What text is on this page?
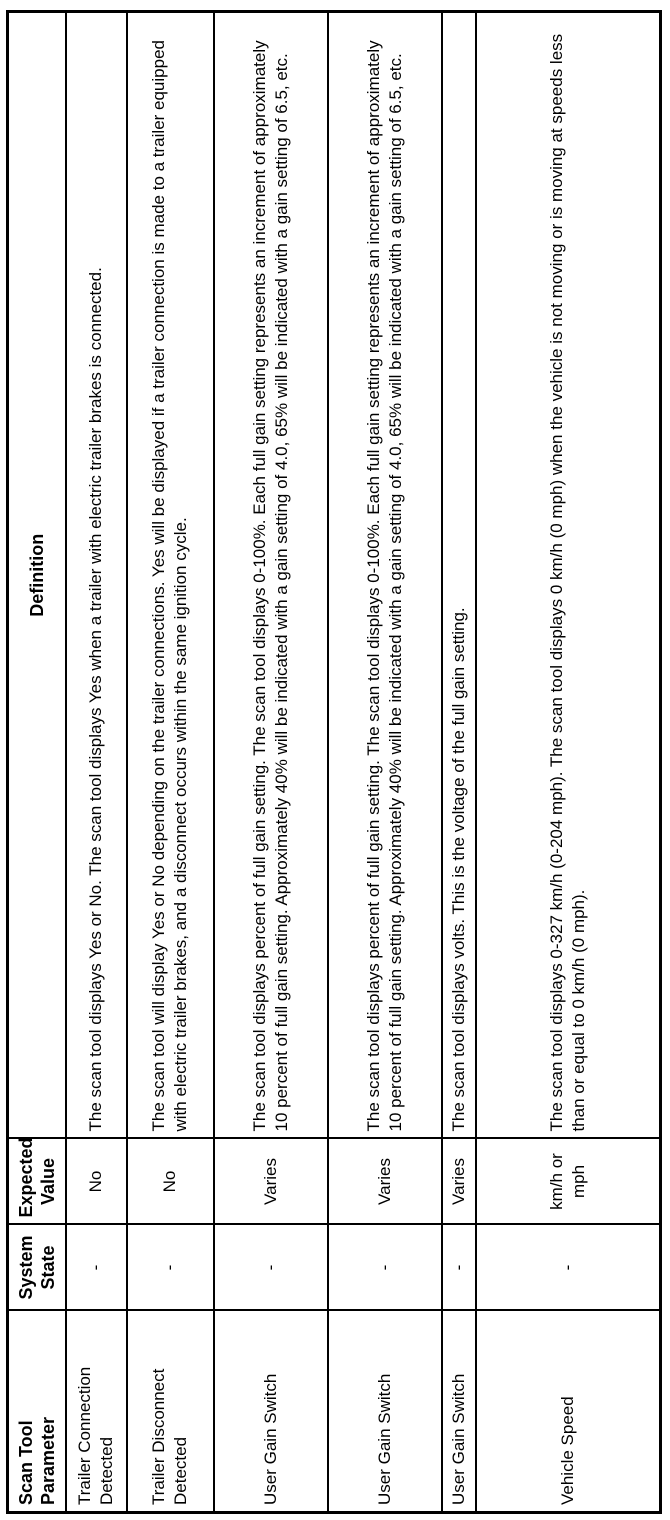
Scan Tool Parameter	System State	Expected Value	Definition
Trailer Connection Detected	-	No	The scan tool displays Yes or No. The scan tool displays Yes when a trailer with electric trailer brakes is connected.
Trailer Disconnect Detected	-	No	The scan tool will display Yes or No depending on the trailer connections. Yes will be displayed if a trailer connection is made to a trailer equipped with electric trailer brakes, and a disconnect occurs within the same ignition cycle.
User Gain Switch	-	Varies	The scan tool displays percent of full gain setting. The scan tool displays 0-100%. Each full gain setting represents an increment of approximately 10 percent of full gain setting. Approximately 40% will be indicated with a gain setting of 4.0, 65% will be indicated with a gain setting of 6.5, etc.
User Gain Switch	-	Varies	The scan tool displays percent of full gain setting. The scan tool displays 0-100%. Each full gain setting represents an increment of approximately 10 percent of full gain setting. Approximately 40% will be indicated with a gain setting of 4.0, 65% will be indicated with a gain setting of 6.5, etc.
User Gain Switch	-	Varies	The scan tool displays volts. This is the voltage of the full gain setting.
Vehicle Speed	-	km/h or mph	The scan tool displays 0-327 km/h (0-204 mph). The scan tool displays 0 km/h (0 mph) when the vehicle is not moving or is moving at speeds less than or equal to 0 km/h (0 mph).
